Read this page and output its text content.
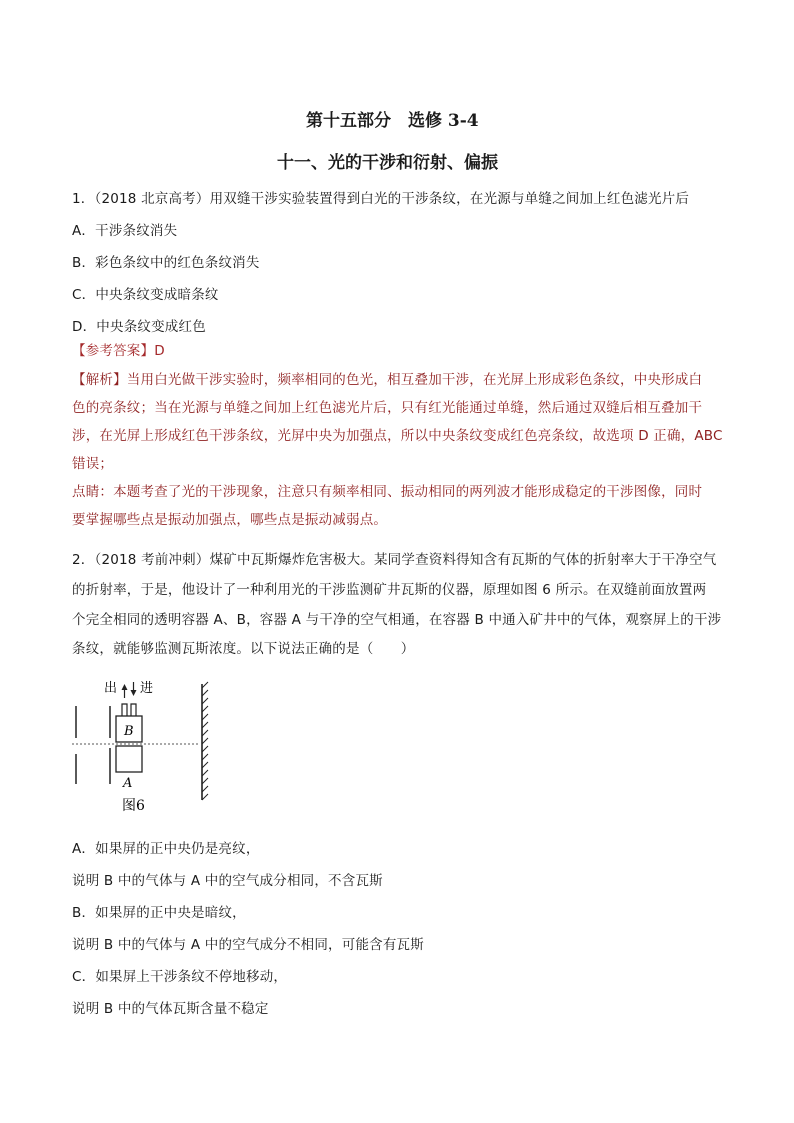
第十五部分　选修 3-4
十一、光的干涉和衍射、偏振
1．（2018 北京高考）用双缝干涉实验装置得到白光的干涉条纹，在光源与单缝之间加上红色滤光片后
A．干涉条纹消失
B．彩色条纹中的红色条纹消失
C．中央条纹变成暗条纹
D．中央条纹变成红色
【参考答案】D
【解析】当用白光做干涉实验时，频率相同的色光，相互叠加干涉，在光屏上形成彩色条纹，中央形成白
色的亮条纹；当在光源与单缝之间加上红色滤光片后，只有红光能通过单缝，然后通过双缝后相互叠加干
涉，在光屏上形成红色干涉条纹，光屏中央为加强点，所以中央条纹变成红色亮条纹，故选项 D 正确，ABC
错误；
点睛：本题考查了光的干涉现象，注意只有频率相同、振动相同的两列波才能形成稳定的干涉图像，同时
要掌握哪些点是振动加强点，哪些点是振动减弱点。
2．（2018 考前冲刺）煤矿中瓦斯爆炸危害极大。某同学查资料得知含有瓦斯的气体的折射率大于干净空气
的折射率，于是，他设计了一种利用光的干涉监测矿井瓦斯的仪器，原理如图 6 所示。在双缝前面放置两
个完全相同的透明容器 A、B，容器 A 与干净的空气相通，在容器 B 中通入矿井中的气体，观察屏上的干涉
条纹，就能够监测瓦斯浓度。以下说法正确的是（　　）
出 进
B
A
图6
A．如果屏的正中央仍是亮纹，
说明 B 中的气体与 A 中的空气成分相同，不含瓦斯
B．如果屏的正中央是暗纹，
说明 B 中的气体与 A 中的空气成分不相同，可能含有瓦斯
C．如果屏上干涉条纹不停地移动，
说明 B 中的气体瓦斯含量不稳定
